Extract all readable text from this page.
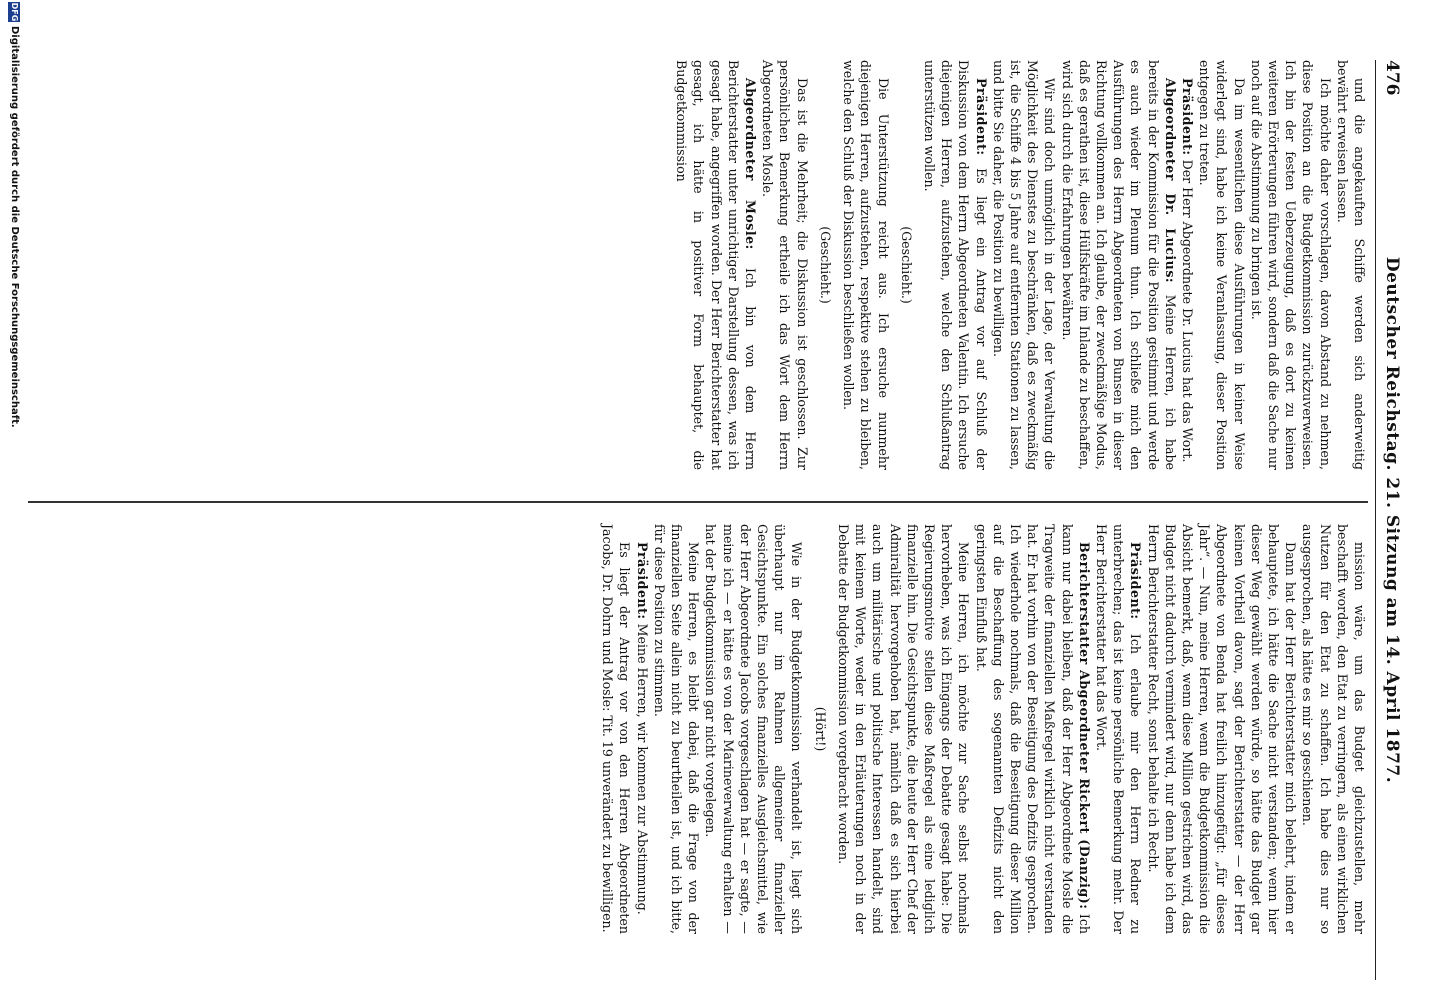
476
Deutscher Reichstag. 21. Sitzung am 14. April 1877.

und die angekauften Schiffe werden sich anderweitig bewährt erweisen lassen.

Ich möchte daher vorschlagen, davon Abstand zu nehmen, diese Position an die Budgetkommission zurückzuverweisen. Ich bin der festen Ueberzeugung, daß es dort zu keinen weiteren Erörterungen führen wird, sondern daß die Sache nur noch auf die Abstimmung zu bringen ist.

Da im wesentlichen diese Ausführungen in keiner Weise widerlegt sind, habe ich keine Veranlassung, dieser Position entgegen zu treten.

Präsident: Der Herr Abgeordnete Dr. Lucius hat das Wort.

Abgeordneter Dr. Lucius: Meine Herren, ich habe bereits in der Kommission für die Position gestimmt und werde es auch wieder im Plenum thun. Ich schließe mich den Ausführungen des Herrn Abgeordneten von Bunsen in dieser Richtung vollkommen an. Ich glaube, der zweckmäßige Modus, daß es gerathen ist, diese Hülfskräfte im Inlande zu beschaffen, wird sich durch die Erfahrungen bewähren.

Wir sind doch unmöglich in der Lage, der Verwaltung die Möglichkeit des Dienstes zu beschränken, daß es zweckmäßig ist, die Schiffe 4 bis 5 Jahre auf entfernten Stationen zu lassen, und bitte Sie daher, die Position zu bewilligen.

Präsident: Es liegt ein Antrag vor auf Schluß der Diskussion von dem Herrn Abgeordneten Valentin. Ich ersuche diejenigen Herren, aufzustehen, welche den Schlußantrag unterstützen wollen.

(Geschieht.)

Die Unterstützung reicht aus. Ich ersuche nunmehr diejenigen Herren, aufzustehen, respektive stehen zu bleiben, welche den Schluß der Diskussion beschließen wollen.

(Geschieht.)

Das ist die Mehrheit; die Diskussion ist geschlossen. Zur persönlichen Bemerkung ertheile ich das Wort dem Herrn Abgeordneten Mosle.

Abgeordneter Mosle: Ich bin von dem Herrn Berichterstatter unter unrichtiger Darstellung dessen, was ich gesagt habe, angegriffen worden. Der Herr Berichterstatter hat gesagt, ich hätte in positiver Form behauptet, die Budgetkommission

mission wäre, um das Budget gleichzustellen, mehr beschafft worden, den Etat zu verringern, als einen wirklichen Nutzen für den Etat zu schaffen. Ich habe dies nur so ausgesprochen, als hätte es mir so geschienen.

Dann hat der Herr Berichterstatter mich belehrt, indem er behauptete, ich hätte die Sache nicht verstanden; wenn hier dieser Weg gewählt werden würde, so hätte das Budget gar keinen Vortheil davon, sagt der Berichterstatter — der Herr Abgeordnete von Benda hat freilich hinzugefügt: „für dieses Jahr“. — Nun, meine Herren, wenn die Budgetkommission die Absicht bemerkt, daß, wenn diese Million gestrichen wird, das Budget nicht dadurch vermindert wird, nur denn habe ich dem Herrn Berichterstatter Recht, sonst behalte ich Recht.

Präsident: Ich erlaube mir den Herrn Redner zu unterbrechen; das ist keine persönliche Bemerkung mehr. Der Herr Berichterstatter hat das Wort.

Berichterstatter Abgeordneter Rickert (Danzig): Ich kann nur dabei bleiben, daß der Herr Abgeordnete Mosle die Tragweite der finanziellen Maßregel wirklich nicht verstanden hat. Er hat vorhin von der Beseitigung des Defizits gesprochen. Ich wiederhole nochmals, daß die Beseitigung dieser Million auf die Beschaffung des sogenannten Defizits nicht den geringsten Einfluß hat.

Meine Herren, ich möchte zur Sache selbst nochmals hervorheben, was ich Eingangs der Debatte gesagt habe: Die Regierungsmotive stellen diese Maßregel als eine lediglich finanzielle hin. Die Gesichtspunkte, die heute der Herr Chef der Admiralität hervorgehoben hat, nämlich daß es sich hierbei auch um militärische und politische Interessen handelt, sind mit keinem Worte, weder in den Erläuterungen noch in der Debatte der Budgetkommission vorgebracht worden.

(Hört!)

Wie in der Budgetkommission verhandelt ist, liegt sich überhaupt nur im Rahmen allgemeiner finanzieller Gesichtspunkte. Ein solches finanzielles Ausgleichsmittel, wie der Herr Abgeordnete Jacobs vorgeschlagen hat — er sagte, — meine ich — er hätte es von der Marineverwaltung erhalten — hat der Budgetkommission gar nicht vorgelegen.

Meine Herren, es bleibt dabei, daß die Frage von der finanziellen Seite allein nicht zu beurtheilen ist, und ich bitte, für diese Position zu stimmen.

Präsident: Meine Herren, wir kommen zur Abstimmung.

Es liegt der Antrag vor von den Herren Abgeordneten Jacobs, Dr. Dohrn und Mosle: Tit. 19 unverändert zu bewilligen.

DFG
Digitalisierung gefördert durch die Deutsche Forschungsgemeinschaft.
